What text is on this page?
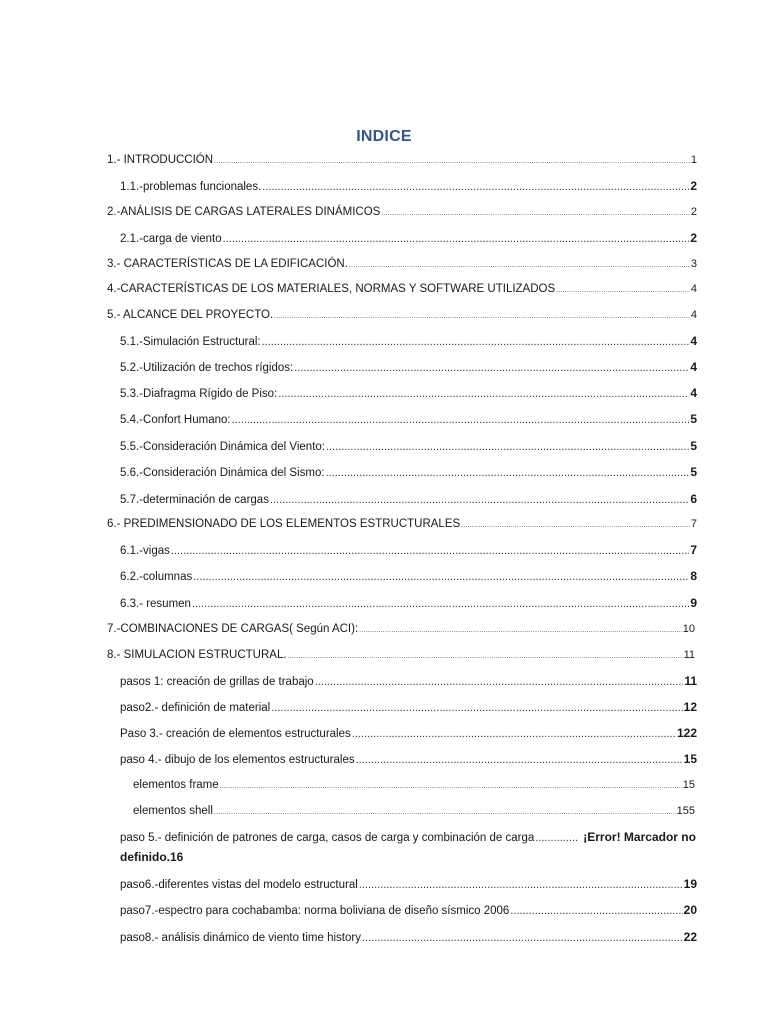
INDICE
1.- INTRODUCCIÓN .....	1
1.1.-problemas funcionales. .....	2
2.-ANÁLISIS DE CARGAS LATERALES DINÁMICOS .....	2
2.1.-carga de viento .....	2
3.- CARACTERÍSTICAS DE LA EDIFICACIÓN. .....	3
4.-CARACTERÍSTICAS DE LOS MATERIALES, NORMAS Y SOFTWARE UTILIZADOS .....	4
5.- ALCANCE DEL PROYECTO. .....	4
5.1.-Simulación Estructural: .....	4
5.2.-Utilización de trechos rígidos: .....	4
5.3.-Diafragma Rígido de Piso: .....	4
5.4.-Confort Humano: .....	5
5.5.-Consideración Dinámica del Viento: .....	5
5.6.-Consideración Dinámica del Sismo: .....	5
5.7.-determinación de cargas .....	6
6.- PREDIMENSIONADO DE LOS ELEMENTOS ESTRUCTURALES .....	7
6.1.-vigas .....	7
6.2.-columnas .....	8
6.3.- resumen .....	9
7.-COMBINACIONES DE CARGAS( Según ACI): .....	10
8.- SIMULACION ESTRUCTURAL. .....	11
pasos 1: creación de grillas de trabajo .....	11
paso2.- definición de material .....	12
Paso 3.- creación de elementos estructurales .....	122
paso 4.- dibujo de los elementos estructurales .....	15
elementos frame .....	15
elementos shell .....	155
paso 5.- definición de patrones de carga, casos de carga y combinación de carga .....	¡Error! Marcador no
definido.16
paso6.-diferentes vistas del modelo estructural .....	19
paso7.-espectro para cochabamba: norma boliviana de diseño sísmico 2006 .....	20
paso8.- análisis dinámico de viento time history .....	22
